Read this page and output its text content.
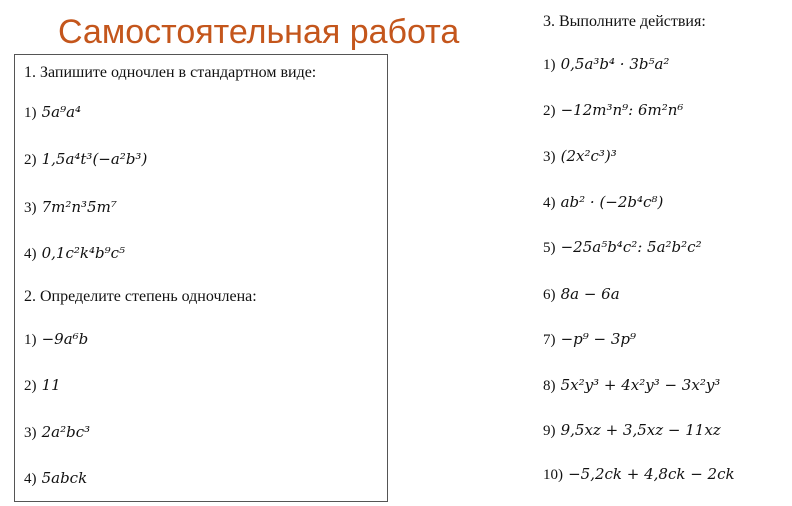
Самостоятельная работа
1. Запишите одночлен в стандартном виде:
1) 5a⁹a⁴
2) 1,5a⁴t³(−a²b³)
3) 7m²n³5m⁷
4) 0,1c²k⁴b⁹c⁵
2. Определите степень одночлена:
1) −9a⁶b
2) 11
3) 2a²bc³
4) 5abck
3. Выполните действия:
1) 0,5a³b⁴ · 3b⁵a²
2) −12m³n⁹: 6m²n⁶
3) (2x²c³)³
4) ab² · (−2b⁴c⁸)
5) −25a⁵b⁴c²: 5a²b²c²
6) 8a − 6a
7) −p⁹ − 3p⁹
8) 5x²y³ + 4x²y³ − 3x²y³
9) 9,5xz + 3,5xz − 11xz
10) −5,2ck + 4,8ck − 2ck
